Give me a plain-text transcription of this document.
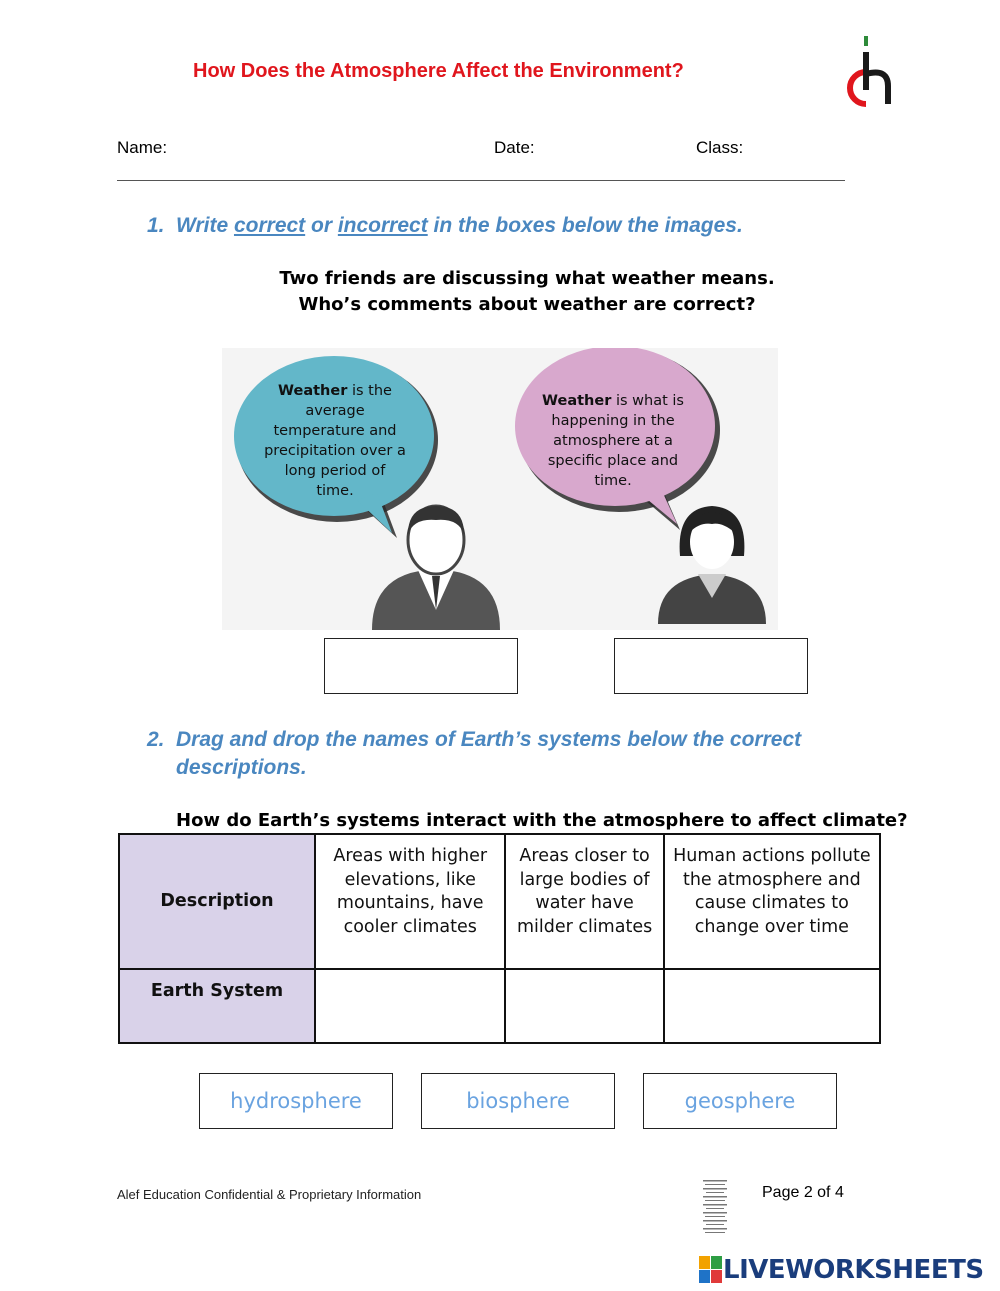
How Does the Atmosphere Affect the Environment?
Name:	Date:	Class:
1. Write correct or incorrect in the boxes below the images.
Two friends are discussing what weather means.
Who’s comments about weather are correct?
Weather is the average temperature and precipitation over a long period of time.
Weather is what is happening in the atmosphere at a specific place and time.
2. Drag and drop the names of Earth’s systems below the correct
descriptions.
How do Earth’s systems interact with the atmosphere to affect climate?
Description	Areas with higher elevations, like mountains, have cooler climates	Areas closer to large bodies of water have milder climates	Human actions pollute the atmosphere and cause climates to change over time
Earth System			
hydrosphere	biosphere	geosphere
Alef Education Confidential & Proprietary Information	Page 2 of 4
LIVEWORKSHEETS
